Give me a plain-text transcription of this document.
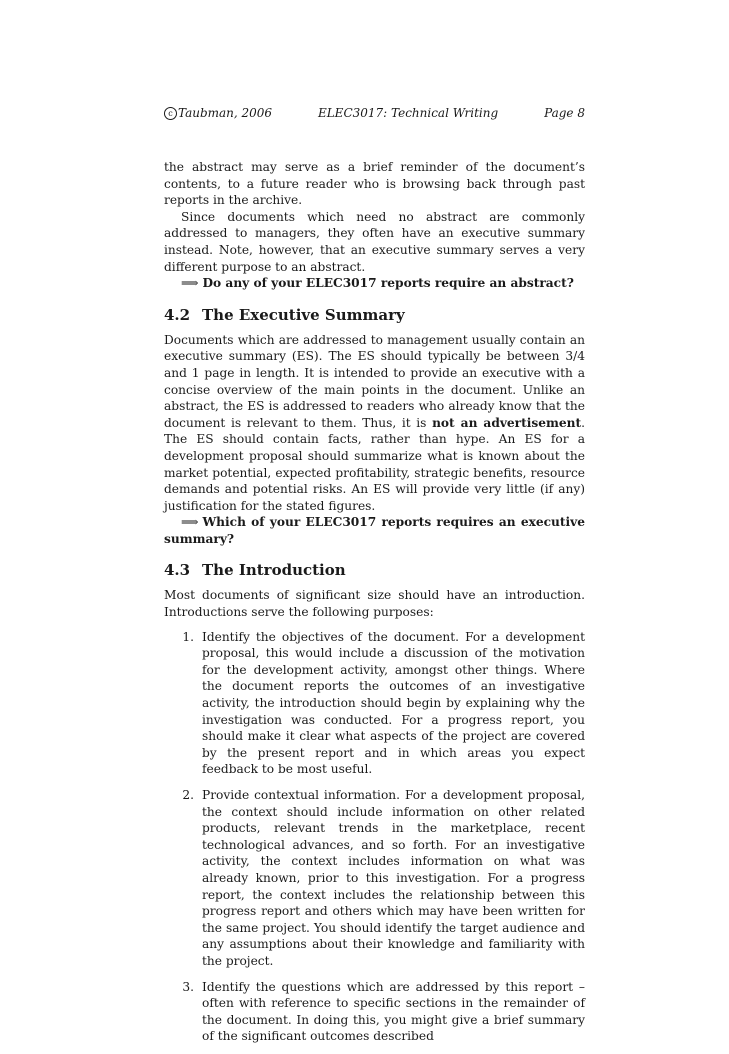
c Taubman, 2006	ELEC3017: Technical Writing	Page 8

the abstract may serve as a brief reminder of the document’s contents, to a future reader who is browsing back through past reports in the archive.

Since documents which need no abstract are commonly addressed to managers, they often have an executive summary instead. Note, however, that an executive summary serves a very different purpose to an abstract.

⟹ Do any of your ELEC3017 reports require an abstract?

4.2 The Executive Summary

Documents which are addressed to management usually contain an executive summary (ES). The ES should typically be between 3/4 and 1 page in length. It is intended to provide an executive with a concise overview of the main points in the document. Unlike an abstract, the ES is addressed to readers who already know that the document is relevant to them. Thus, it is not an advertisement. The ES should contain facts, rather than hype. An ES for a development proposal should summarize what is known about the market potential, expected profitability, strategic benefits, resource demands and potential risks. An ES will provide very little (if any) justification for the stated figures.

⟹ Which of your ELEC3017 reports requires an executive summary?

4.3 The Introduction

Most documents of significant size should have an introduction. Introductions serve the following purposes:

1. Identify the objectives of the document. For a development proposal, this would include a discussion of the motivation for the development activity, amongst other things. Where the document reports the outcomes of an investigative activity, the introduction should begin by explaining why the investigation was conducted. For a progress report, you should make it clear what aspects of the project are covered by the present report and in which areas you expect feedback to be most useful.

2. Provide contextual information. For a development proposal, the context should include information on other related products, relevant trends in the marketplace, recent technological advances, and so forth. For an investigative activity, the context includes information on what was already known, prior to this investigation. For a progress report, the context includes the relationship between this progress report and others which may have been written for the same project. You should identify the target audience and any assumptions about their knowledge and familiarity with the project.

3. Identify the questions which are addressed by this report – often with reference to specific sections in the remainder of the document. In doing this, you might give a brief summary of the significant outcomes described
